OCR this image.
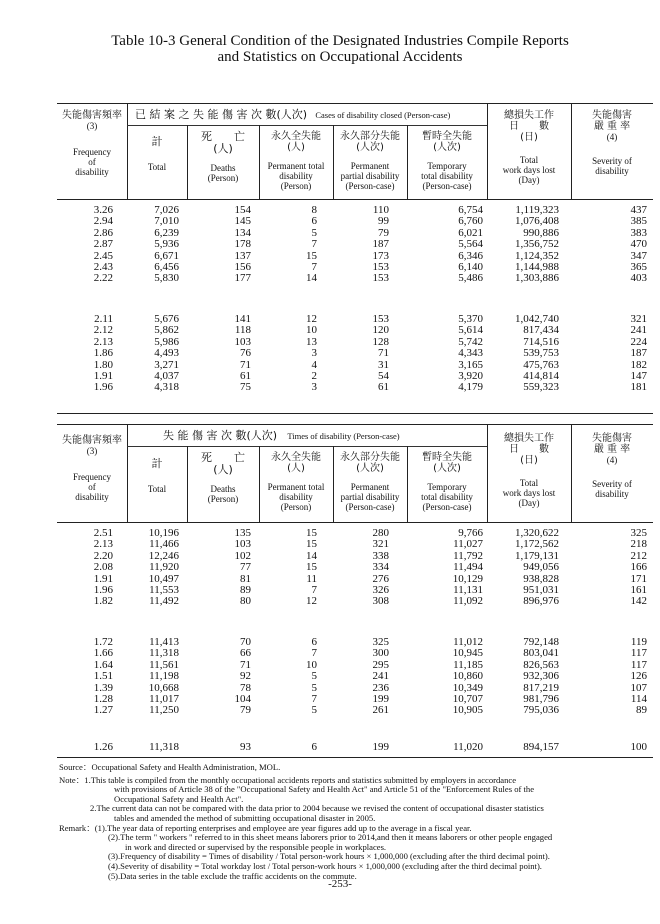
Table 10-3 General Condition of the Designated Industries Compile Reports
and Statistics on Occupational Accidents
失能傷害頻率
(3)
Frequency
of
disability
已 結 案 之 失 能 傷 害 次 數(人次) Cases of disability closed (Person-case)
計
Total
死　　亡
(人)
Deaths
(Person)
永久全失能
(人)
Permanent total
disability
(Person)
永久部分失能
(人次)
Permanent
partial disability
(Person-case)
暫時全失能
(人次)
Temporary
total disability
(Person-case)
總損失工作
日　　數
(日)
Total
work days lost
(Day)
失能傷害
嚴 重 率
(4)
Severity of
disability
3.26	7,026	154	8	110	6,754	1,119,323	437
2.94	7,010	145	6	99	6,760	1,076,408	385
2.86	6,239	134	5	79	6,021	990,886	383
2.87	5,936	178	7	187	5,564	1,356,752	470
2.45	6,671	137	15	173	6,346	1,124,352	347
2.43	6,456	156	7	153	6,140	1,144,988	365
2.22	5,830	177	14	153	5,486	1,303,886	403
2.11	5,676	141	12	153	5,370	1,042,740	321
2.12	5,862	118	10	120	5,614	817,434	241
2.13	5,986	103	13	128	5,742	714,516	224
1.86	4,493	76	3	71	4,343	539,753	187
1.80	3,271	71	4	31	3,165	475,763	182
1.91	4,037	61	2	54	3,920	414,814	147
1.96	4,318	75	3	61	4,179	559,323	181
失能傷害頻率
(3)
Frequency
of
disability
失 能 傷 害 次 數(人次) Times of disability (Person-case)
計
Total
死　　亡
(人)
Deaths
(Person)
永久全失能
(人)
Permanent total
disability
(Person)
永久部分失能
(人次)
Permanent
partial disability
(Person-case)
暫時全失能
(人次)
Temporary
total disability
(Person-case)
總損失工作
日　　數
(日)
Total
work days lost
(Day)
失能傷害
嚴 重 率
(4)
Severity of
disability
2.51	10,196	135	15	280	9,766	1,320,622	325
2.13	11,466	103	15	321	11,027	1,172,562	218
2.20	12,246	102	14	338	11,792	1,179,131	212
2.08	11,920	77	15	334	11,494	949,056	166
1.91	10,497	81	11	276	10,129	938,828	171
1.96	11,553	89	7	326	11,131	951,031	161
1.82	11,492	80	12	308	11,092	896,976	142
1.72	11,413	70	6	325	11,012	792,148	119
1.66	11,318	66	7	300	10,945	803,041	117
1.64	11,561	71	10	295	11,185	826,563	117
1.51	11,198	92	5	241	10,860	932,306	126
1.39	10,668	78	5	236	10,349	817,219	107
1.28	11,017	104	7	199	10,707	981,796	114
1.27	11,250	79	5	261	10,905	795,036	89
1.26	11,318	93	6	199	11,020	894,157	100
Source：Occupational Safety and Health Administration, MOL.
Note：1.This table is compiled from the monthly occupational accidents reports and statistics submitted by employers in accordance
with provisions of Article 38 of the "Occupational Safety and Health Act" and Article 51 of the "Enforcement Rules of the
Occupational Safety and Health Act".
2.The current data can not be compared with the data prior to 2004 because we revised the content of occupational disaster statistics
tables and amended the method of submitting occupational disaster in 2005.
Remark：(1).The year data of reporting enterprises and employee are year figures add up to the average in a fiscal year.
(2).The term " workers " referred to in this sheet means laborers prior to 2014,and then it means laborers or other people engaged
in work and directed or supervised by the responsible people in workplaces.
(3).Frequency of disability = Times of disability / Total person-work hours × 1,000,000 (excluding after the third decimal point).
(4).Severity of disability = Total workday lost / Total person-work hours × 1,000,000 (excluding after the third decimal point).
(5).Data series in the table exclude the traffic accidents on the commute.
-253-
